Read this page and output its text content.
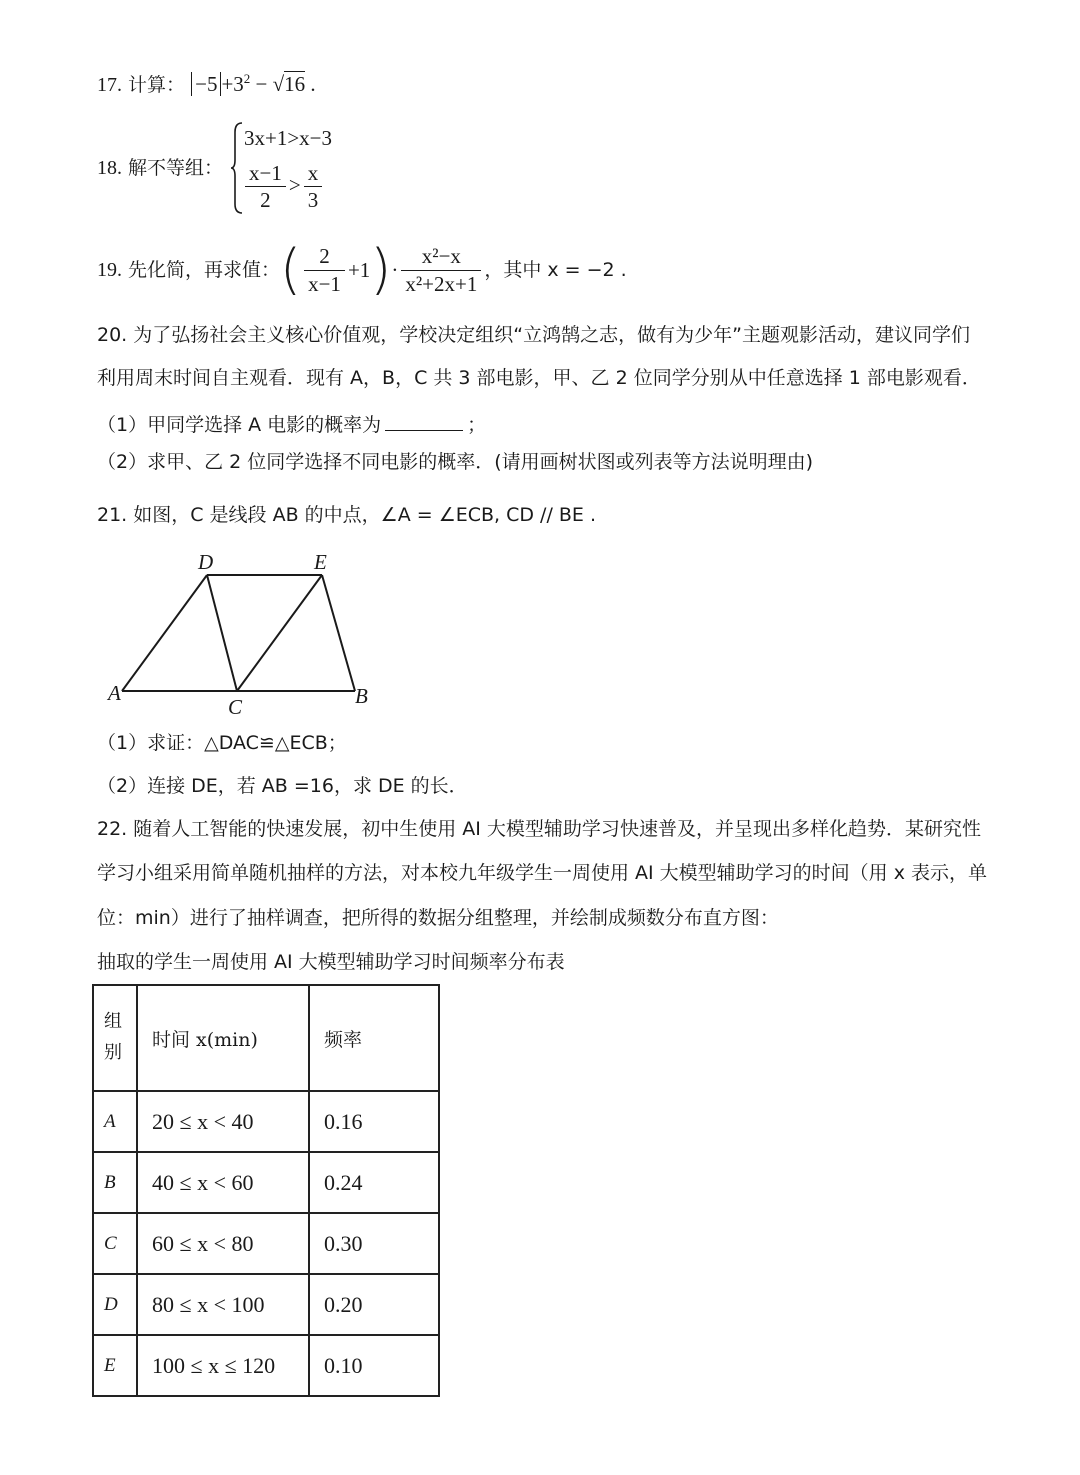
17. 计算： $-5 +3^2 - √16$ .
18. 解不等组：
3x+1>x−3
$\frac{x-1}{2} > \frac{x}{3}$
19. 先化简，再求值： ( $\frac{2}{x-1} +1$ ) · $\frac{\text{x²−x}}{\text{x²+2x+1}}$ ，其中 x = −2 .
20. 为了弘扬社会主义核心价值观，学校决定组织“立鸿鹄之志，做有为少年”主题观影活动，建议同学们
利用周末时间自主观看．现有 A，B，C 共 3 部电影，甲、乙 2 位同学分别从中任意选择 1 部电影观看．
（1）甲同学选择 A 电影的概率为	；
（2）求甲、乙 2 位同学选择不同电影的概率．(请用画树状图或列表等方法说明理由)
21. 如图，C 是线段 AB 的中点，∠A = ∠ECB, CD // BE .
A	B
C
D	E
（1）求证：△DAC≌△ECB；
（2）连接 DE，若 AB =16，求 DE 的长．
22. 随着人工智能的快速发展，初中生使用 AI 大模型辅助学习快速普及，并呈现出多样化趋势．某研究性
学习小组采用简单随机抽样的方法，对本校九年级学生一周使用 AI 大模型辅助学习的时间（用 x 表示，单
位：min）进行了抽样调查，把所得的数据分组整理，并绘制成频数分布直方图：
抽取的学生一周使用 AI 大模型辅助学习时间频率分布表
组别	时间 x(min)	频率
A	20 ≤ x < 40	0.16
B	40 ≤ x < 60	0.24
C	60 ≤ x < 80	0.30
D	80 ≤ x < 100	0.20
E	100 ≤ x ≤ 120	0.10
